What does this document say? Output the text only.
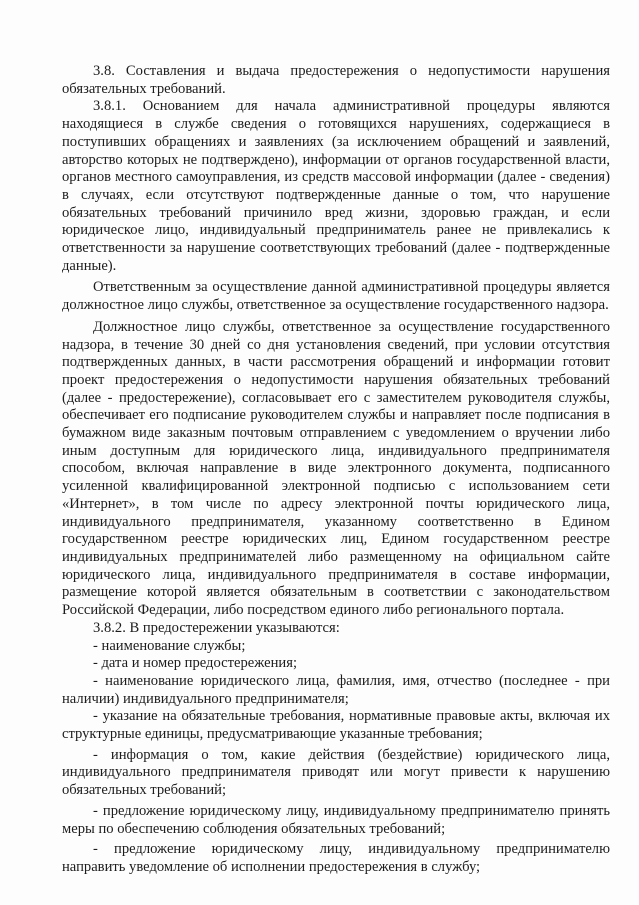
3.8. Составления и выдача предостережения о недопустимости нарушения обязательных требований.

3.8.1. Основанием для начала административной процедуры являются находящиеся в службе сведения о готовящихся нарушениях, содержащиеся в поступивших обращениях и заявлениях (за исключением обращений и заявлений, авторство которых не подтверждено), информации от органов государственной власти, органов местного самоуправления, из средств массовой информации (далее - сведения) в случаях, если отсутствуют подтвержденные данные о том, что нарушение обязательных требований причинило вред жизни, здоровью граждан, и если юридическое лицо, индивидуальный предприниматель ранее не привлекались к ответственности за нарушение соответствующих требований (далее - подтвержденные данные).

Ответственным за осуществление данной административной процедуры является должностное лицо службы, ответственное за осуществление государственного надзора.

Должностное лицо службы, ответственное за осуществление государственного надзора, в течение 30 дней со дня установления сведений, при условии отсутствия подтвержденных данных, в части рассмотрения обращений и информации готовит проект предостережения о недопустимости нарушения обязательных требований (далее - предостережение), согласовывает его с заместителем руководителя службы, обеспечивает его подписание руководителем службы и направляет после подписания в бумажном виде заказным почтовым отправлением с уведомлением о вручении либо иным доступным для юридического лица, индивидуального предпринимателя способом, включая направление в виде электронного документа, подписанного усиленной квалифицированной электронной подписью с использованием сети «Интернет», в том числе по адресу электронной почты юридического лица, индивидуального предпринимателя, указанному соответственно в Едином государственном реестре юридических лиц, Едином государственном реестре индивидуальных предпринимателей либо размещенному на официальном сайте юридического лица, индивидуального предпринимателя в составе информации, размещение которой является обязательным в соответствии с законодательством Российской Федерации, либо посредством единого либо регионального портала.

3.8.2. В предостережении указываются:

- наименование службы;

- дата и номер предостережения;

- наименование юридического лица, фамилия, имя, отчество (последнее - при наличии) индивидуального предпринимателя;

- указание на обязательные требования, нормативные правовые акты, включая их структурные единицы, предусматривающие указанные требования;

- информация о том, какие действия (бездействие) юридического лица, индивидуального предпринимателя приводят или могут привести к нарушению обязательных требований;

- предложение юридическому лицу, индивидуальному предпринимателю принять меры по обеспечению соблюдения обязательных требований;

- предложение юридическому лицу, индивидуальному предпринимателю направить уведомление об исполнении предостережения в службу;
